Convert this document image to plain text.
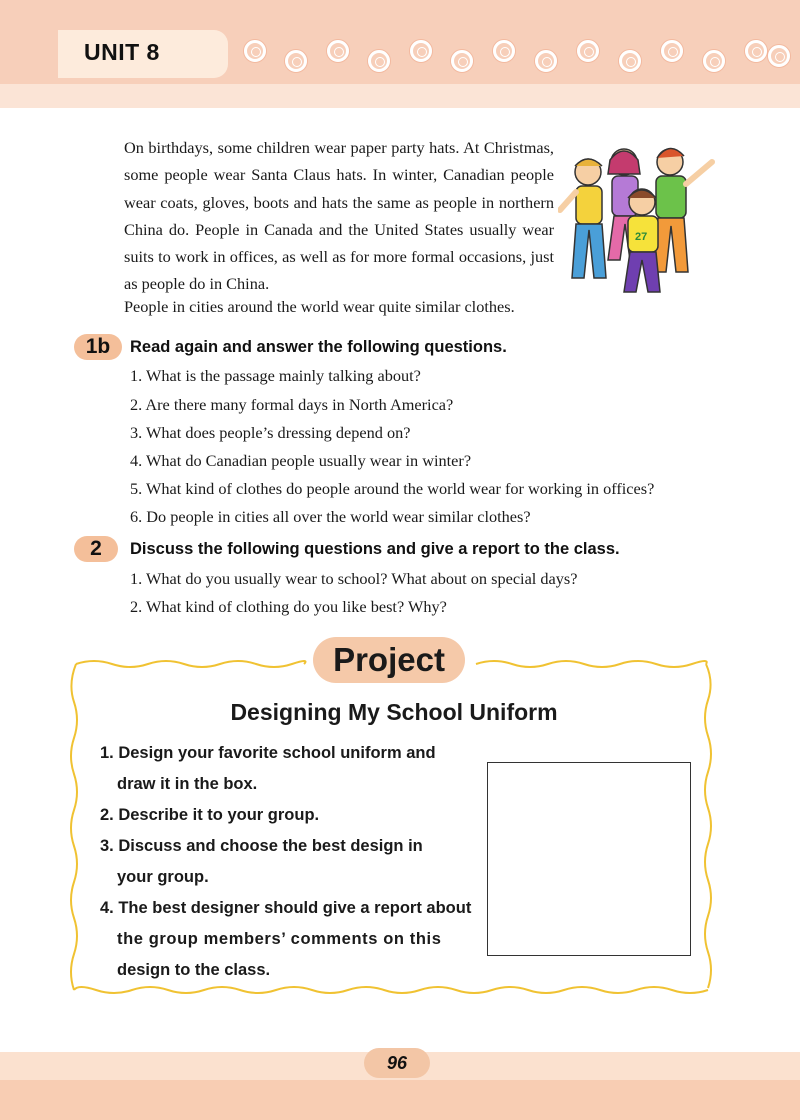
UNIT 8
On birthdays, some children wear paper party hats. At Christmas, some people wear Santa Claus hats. In winter, Canadian people wear coats, gloves, boots and hats the same as people in northern China do. People in Canada and the United States usually wear suits to work in offices, as well as for more formal occasions, just as people do in China.
People in cities around the world wear quite similar clothes.
27
1b	Read again and answer the following questions.
1. What is the passage mainly talking about?
2. Are there many formal days in North America?
3. What does people’s dressing depend on?
4. What do Canadian people usually wear in winter?
5. What kind of clothes do people around the world wear for working in offices?
6. Do people in cities all over the world wear similar clothes?
2	Discuss the following questions and give a report to the class.
1. What do you usually wear to school? What about on special days?
2. What kind of clothing do you like best? Why?
Project
Designing My School Uniform
1. Design your favorite school uniform and
draw it in the box.
2. Describe it to your group.
3. Discuss and choose the best design in
your group.
4. The best designer should give a report about
the group members’ comments on this
design to the class.
96
